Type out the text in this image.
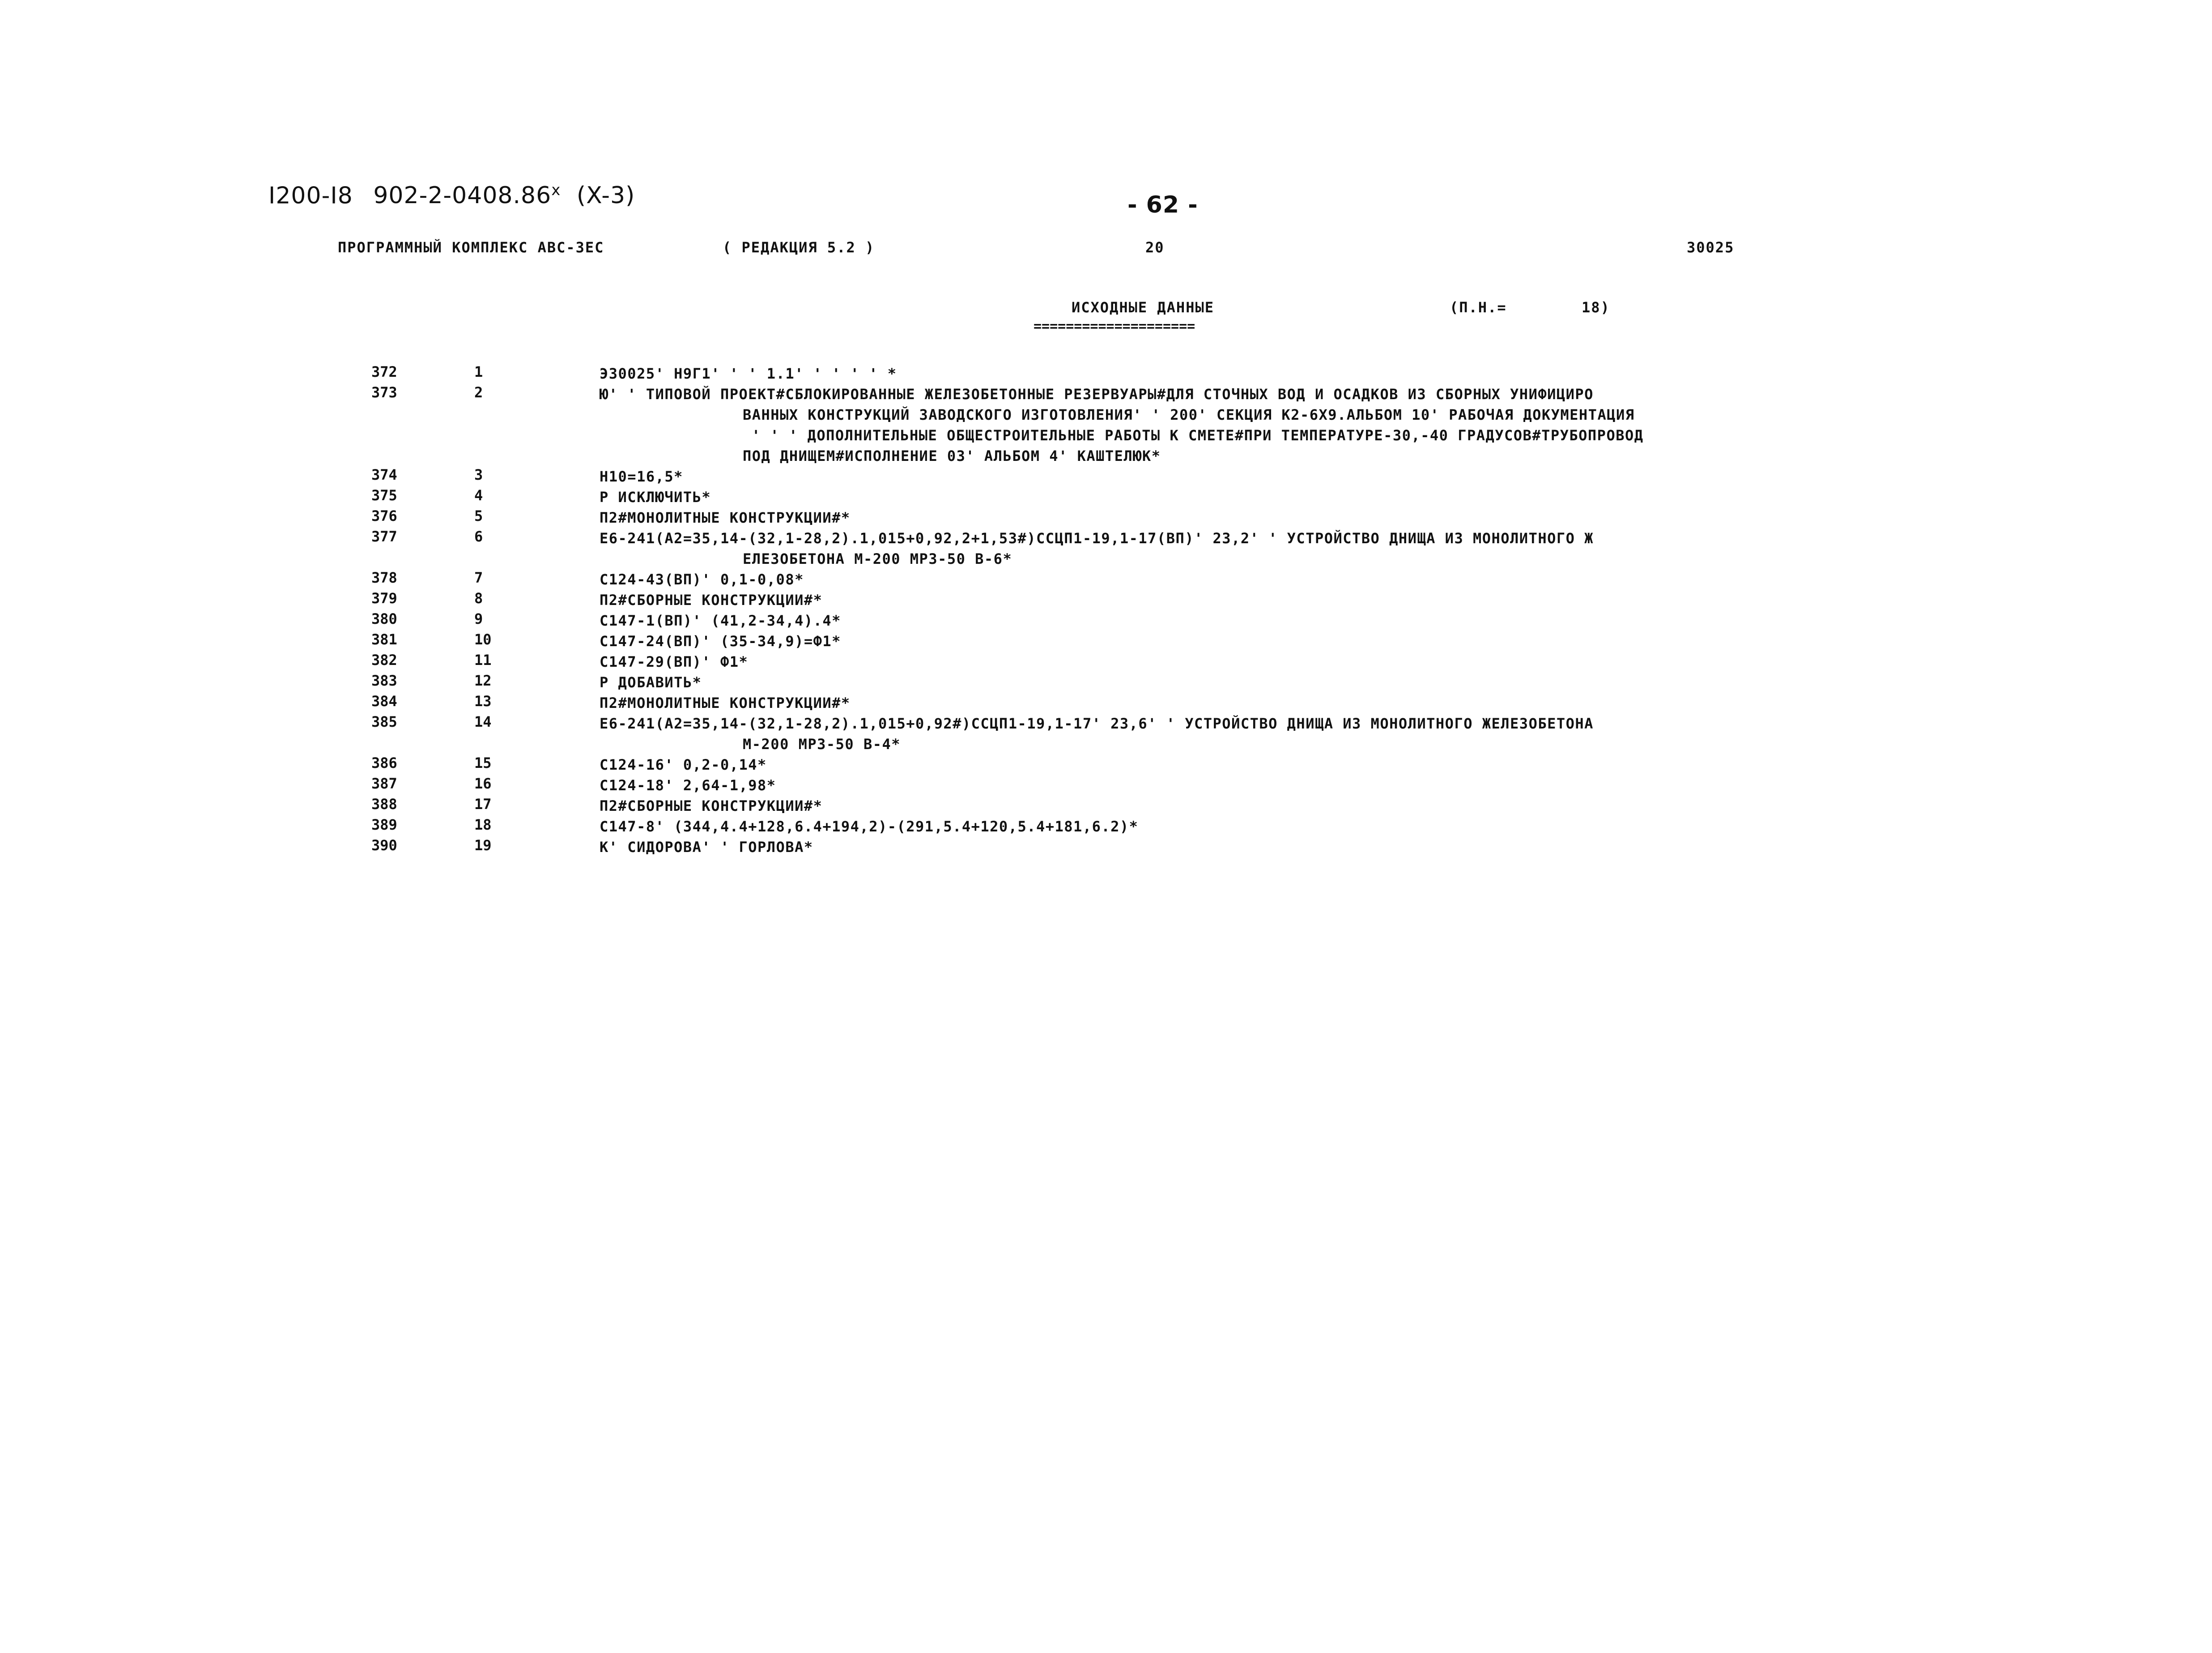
I200-I8 902-2-0408.86$^x$ (X-3)	- 62 -
ПРОГРАММНЫЙ КОМПЛЕКС АВС-ЗЕС	( РЕДАКЦИЯ 5.2 )	20	30025
ИСХОДНЫЕ ДАННЫЕ
====================
(П.Н.=	18)
372	1	Э30025' Н9Г1' ' ' 1.1' ' ' ' ' *
373	2	Ю' ' ТИПОВОЙ ПРОЕКТ#СБЛОКИРОВАННЫЕ ЖЕЛЕЗОБЕТОННЫЕ РЕЗЕРВУАРЫ#ДЛЯ СТОЧНЫХ ВОД И ОСАДКОВ ИЗ СБОРНЫХ УНИФИЦИРО
ВАННЫХ КОНСТРУКЦИЙ ЗАВОДСКОГО ИЗГОТОВЛЕНИЯ' ' 200' СЕКЦИЯ К2-6Х9.АЛЬБОМ 10' РАБОЧАЯ ДОКУМЕНТАЦИЯ
' ' ' ДОПОЛНИТЕЛЬНЫЕ ОБЩЕСТРОИТЕЛЬНЫЕ РАБОТЫ К СМЕТЕ#ПРИ ТЕМПЕРАТУРЕ-30,-40 ГРАДУСОВ#ТРУБОПРОВОД
ПОД ДНИЩЕМ#ИСПОЛНЕНИЕ 03' АЛЬБОМ 4' КАШТЕЛЮК*
374	3	Н10=16,5*
375	4	Р ИСКЛЮЧИТЬ*
376	5	П2#МОНОЛИТНЫЕ КОНСТРУКЦИИ#*
377	6	Е6-241(А2=35,14-(32,1-28,2).1,015+0,92,2+1,53#)ССЦП1-19,1-17(ВП)' 23,2' ' УСТРОЙСТВО ДНИЩА ИЗ МОНОЛИТНОГО Ж
ЕЛЕЗОБЕТОНА М-200 МРЗ-50 В-6*
378	7	С124-43(ВП)' 0,1-0,08*
379	8	П2#СБОРНЫЕ КОНСТРУКЦИИ#*
380	9	С147-1(ВП)' (41,2-34,4).4*
381	10	С147-24(ВП)' (35-34,9)=Ф1*
382	11	С147-29(ВП)' Ф1*
383	12	Р ДОБАВИТЬ*
384	13	П2#МОНОЛИТНЫЕ КОНСТРУКЦИИ#*
385	14	Е6-241(А2=35,14-(32,1-28,2).1,015+0,92#)ССЦП1-19,1-17' 23,6' ' УСТРОЙСТВО ДНИЩА ИЗ МОНОЛИТНОГО ЖЕЛЕЗОБЕТОНА
М-200 МРЗ-50 В-4*
386	15	С124-16' 0,2-0,14*
387	16	С124-18' 2,64-1,98*
388	17	П2#СБОРНЫЕ КОНСТРУКЦИИ#*
389	18	С147-8' (344,4.4+128,6.4+194,2)-(291,5.4+120,5.4+181,6.2)*
390	19	К' СИДОРОВА' ' ГОРЛОВА*
